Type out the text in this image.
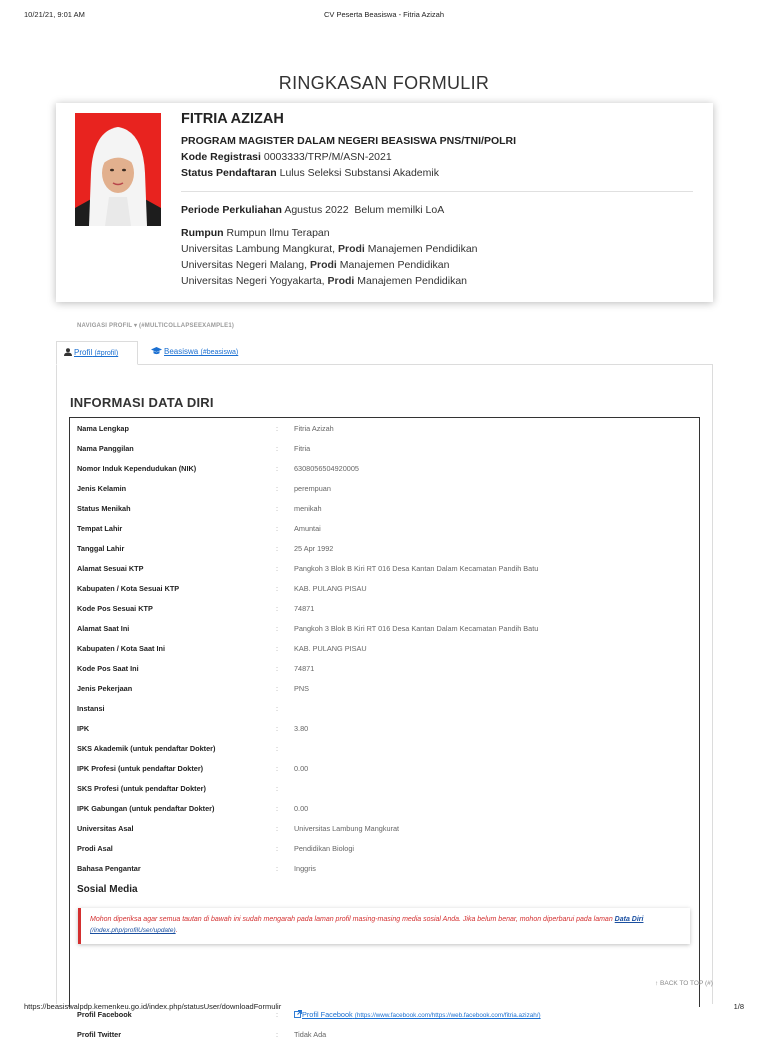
10/21/21, 9:01 AM	CV Peserta Beasiswa - Fitria Azizah
RINGKASAN FORMULIR
FITRIA AZIZAH
PROGRAM MAGISTER DALAM NEGERI BEASISWA PNS/TNI/POLRI
Kode Registrasi 0003333/TRP/M/ASN-2021
Status Pendaftaran Lulus Seleksi Substansi Akademik
Periode Perkuliahan Agustus 2022 Belum memilki LoA
Rumpun Rumpun Ilmu Terapan
Universitas Lambung Mangkurat, Prodi Manajemen Pendidikan
Universitas Negeri Malang, Prodi Manajemen Pendidikan
Universitas Negeri Yogyakarta, Prodi Manajemen Pendidikan
NAVIGASI PROFIL ▾ (#MULTICOLLAPSEEXAMPLE1)
Profil (#profil)	Beasiswa (#beasiswa)
INFORMASI DATA DIRI
Sosial Media

Mohon diperiksa agar semua tautan di bawah ini sudah mengarah pada laman profil masing-masing media sosial Anda. Jika belum benar, mohon diperbarui pada laman Data Diri (/index.php/profilUser/update).

Profil Facebook	:	Profil Facebook (https://www.facebook.com/https://web.facebook.com/fitria.azizah/)
Profil Twitter	: Tidak Ada
Nama Lengkap	: Fitria Azizah
Nama Panggilan	: Fitria
Nomor Induk Kependudukan (NIK)	: 6308056504920005
Jenis Kelamin	: perempuan
Status Menikah	: menikah
Tempat Lahir	: Amuntai
Tanggal Lahir	: 25 Apr 1992
Alamat Sesuai KTP	: Pangkoh 3 Blok B Kiri RT 016 Desa Kantan Dalam Kecamatan Pandih Batu
Kabupaten / Kota Sesuai KTP	: KAB. PULANG PISAU
Kode Pos Sesuai KTP	: 74871
Alamat Saat Ini	: Pangkoh 3 Blok B Kiri RT 016 Desa Kantan Dalam Kecamatan Pandih Batu
Kabupaten / Kota Saat Ini	: KAB. PULANG PISAU
Kode Pos Saat Ini	: 74871
Jenis Pekerjaan	: PNS
Instansi	:
IPK	: 3.80
SKS Akademik (untuk pendaftar Dokter)	:
IPK Profesi (untuk pendaftar Dokter)	: 0.00
SKS Profesi (untuk pendaftar Dokter)	:
IPK Gabungan (untuk pendaftar Dokter)	: 0.00
Universitas Asal	: Universitas Lambung Mangkurat
Prodi Asal	: Pendidikan Biologi
Bahasa Pengantar	: Inggris
↑ BACK TO TOP (#)
https://beasiswalpdp.kemenkeu.go.id/index.php/statusUser/downloadFormulir	1/8
